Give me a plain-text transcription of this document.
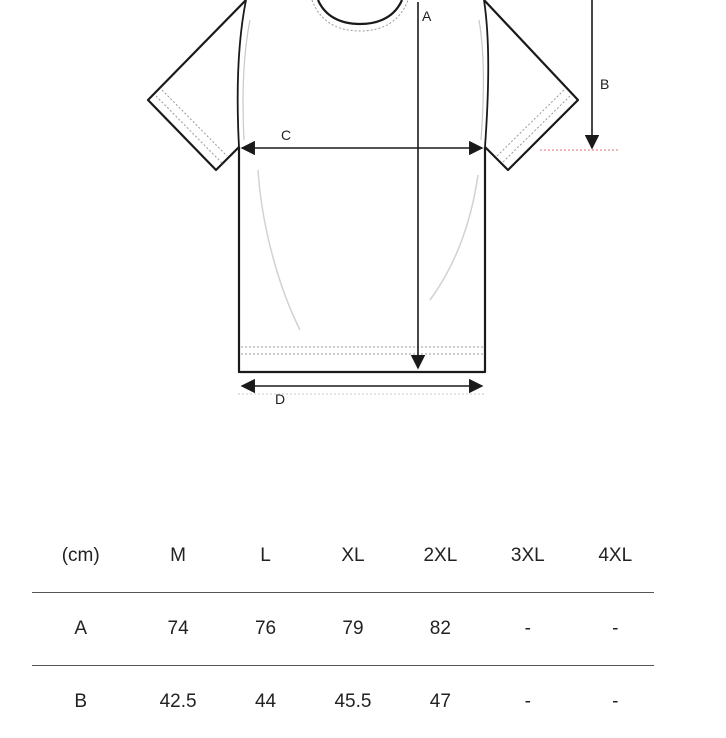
A
B
C
D
(cm)	M	L	XL	2XL	3XL	4XL
A	74	76	79	82	-	-
B	42.5	44	45.5	47	-	-
